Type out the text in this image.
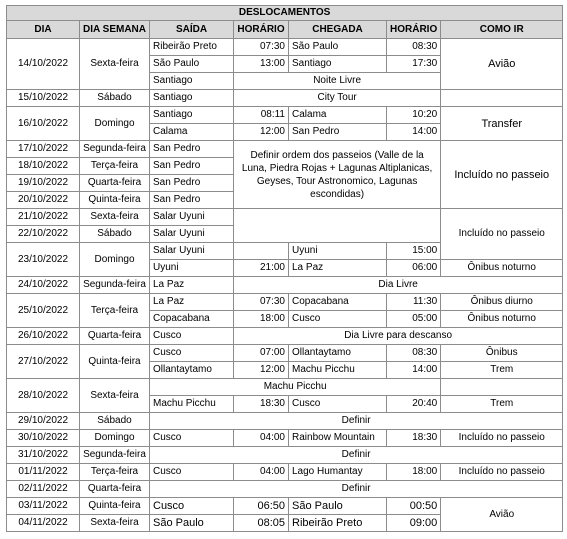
DESLOCAMENTOS						
DIA	DIA SEMANA	SAÍDA	HORÁRIO	CHEGADA	HORÁRIO	COMO IR
14/10/2022	Sexta-feira	Ribeirão Preto	07:30	São Paulo	08:30	Avião
		São Paulo	13:00	Santiago	17:30	
		Santiago	Noite Livre			
15/10/2022	Sábado	Santiago	City Tour			
16/10/2022	Domingo	Santiago	08:11	Calama	10:20	Transfer
		Calama	12:00	San Pedro	14:00	
17/10/2022	Segunda-feira	San Pedro	Definir ordem dos passeios (Valle de la Luna, Piedra Rojas + Lagunas Altiplanicas, Geyses, Tour Astronomico, Lagunas escondidas)			Incluído no passeio
18/10/2022	Terça-feira	San Pedro				
19/10/2022	Quarta-feira	San Pedro				
20/10/2022	Quinta-feira	San Pedro				
21/10/2022	Sexta-feira	Salar Uyuni				Incluído no passeio
22/10/2022	Sábado	Salar Uyuni				
23/10/2022	Domingo	Salar Uyuni		Uyuni	15:00	
		Uyuni	21:00	La Paz	06:00	Ônibus noturno
24/10/2022	Segunda-feira	La Paz	Dia Livre			
25/10/2022	Terça-feira	La Paz	07:30	Copacabana	11:30	Ônibus diurno
		Copacabana	18:00	Cusco	05:00	Ônibus noturno
26/10/2022	Quarta-feira	Cusco	Dia Livre para descanso			
27/10/2022	Quinta-feira	Cusco	07:00	Ollantaytamo	08:30	Ônibus
		Ollantaytamo	12:00	Machu Picchu	14:00	Trem
28/10/2022	Sexta-feira	Machu Picchu				
		Machu Picchu	18:30	Cusco	20:40	Trem
29/10/2022	Sábado	Definir				
30/10/2022	Domingo	Cusco	04:00	Rainbow Mountain	18:30	Incluído no passeio
31/10/2022	Segunda-feira	Definir				
01/11/2022	Terça-feira	Cusco	04:00	Lago Humantay	18:00	Incluído no passeio
02/11/2022	Quarta-feira	Definir				
03/11/2022	Quinta-feira	Cusco	06:50	São Paulo	00:50	Avião
04/11/2022	Sexta-feira	São Paulo	08:05	Ribeirão Preto	09:00	
